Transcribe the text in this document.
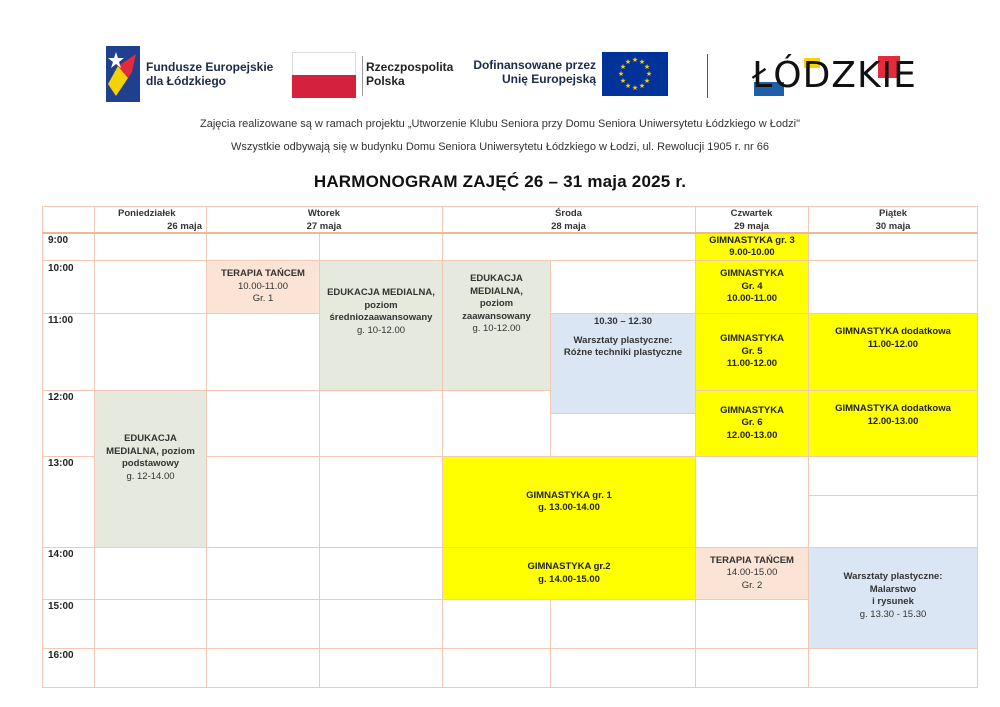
Fundusze Europejskie
dla Łódzkiego
Rzeczpospolita
Polska
Dofinansowane przez
Unię Europejską
★ ★
★
★
★
★
★
★
★
★
★
★	ŁÓDZKIE
Zajęcia realizowane są w ramach projektu „Utworzenie Klubu Seniora przy Domu Seniora Uniwersytetu Łódzkiego w Łodzi"
Wszystkie odbywają się w budynku Domu Seniora Uniwersytetu Łódzkiego w Łodzi, ul. Rewolucji 1905 r. nr 66
HARMONOGRAM ZAJĘĆ 26 – 31 maja 2025 r.
Poniedziałek
26 maja
Wtorek
27 maja
Środa
28 maja
Czwartek
29 maja
Piątek
30 maja
9:00
10:00
11:00
12:00
13:00
14:00
15:00
16:00
GIMNASTYKA gr. 3
9.00-10.00
GIMNASTYKA
Gr. 4
10.00-11.00
GIMNASTYKA
Gr. 5
11.00-12.00
GIMNASTYKA
Gr. 6
12.00-13.00
TERAPIA TAŃCEM
14.00-15.00
Gr. 2
TERAPIA TAŃCEM
10.00-11.00
Gr. 1
EDUKACJA MEDIALNA,
poziom
średniozaawansowany
g. 10-12.00
EDUKACJA
MEDIALNA,
poziom
zaawansowany
g. 10-12.00
10.30 – 12.30
Warsztaty plastyczne:
Różne techniki plastyczne
GIMNASTYKA gr. 1
g. 13.00-14.00
GIMNASTYKA gr.2
g. 14.00-15.00
EDUKACJA
MEDIALNA, poziom
podstawowy
g. 12-14.00
GIMNASTYKA dodatkowa
11.00-12.00
GIMNASTYKA dodatkowa
12.00-13.00
Warsztaty plastyczne:
Malarstwo
i rysunek
g. 13.30 - 15.30
